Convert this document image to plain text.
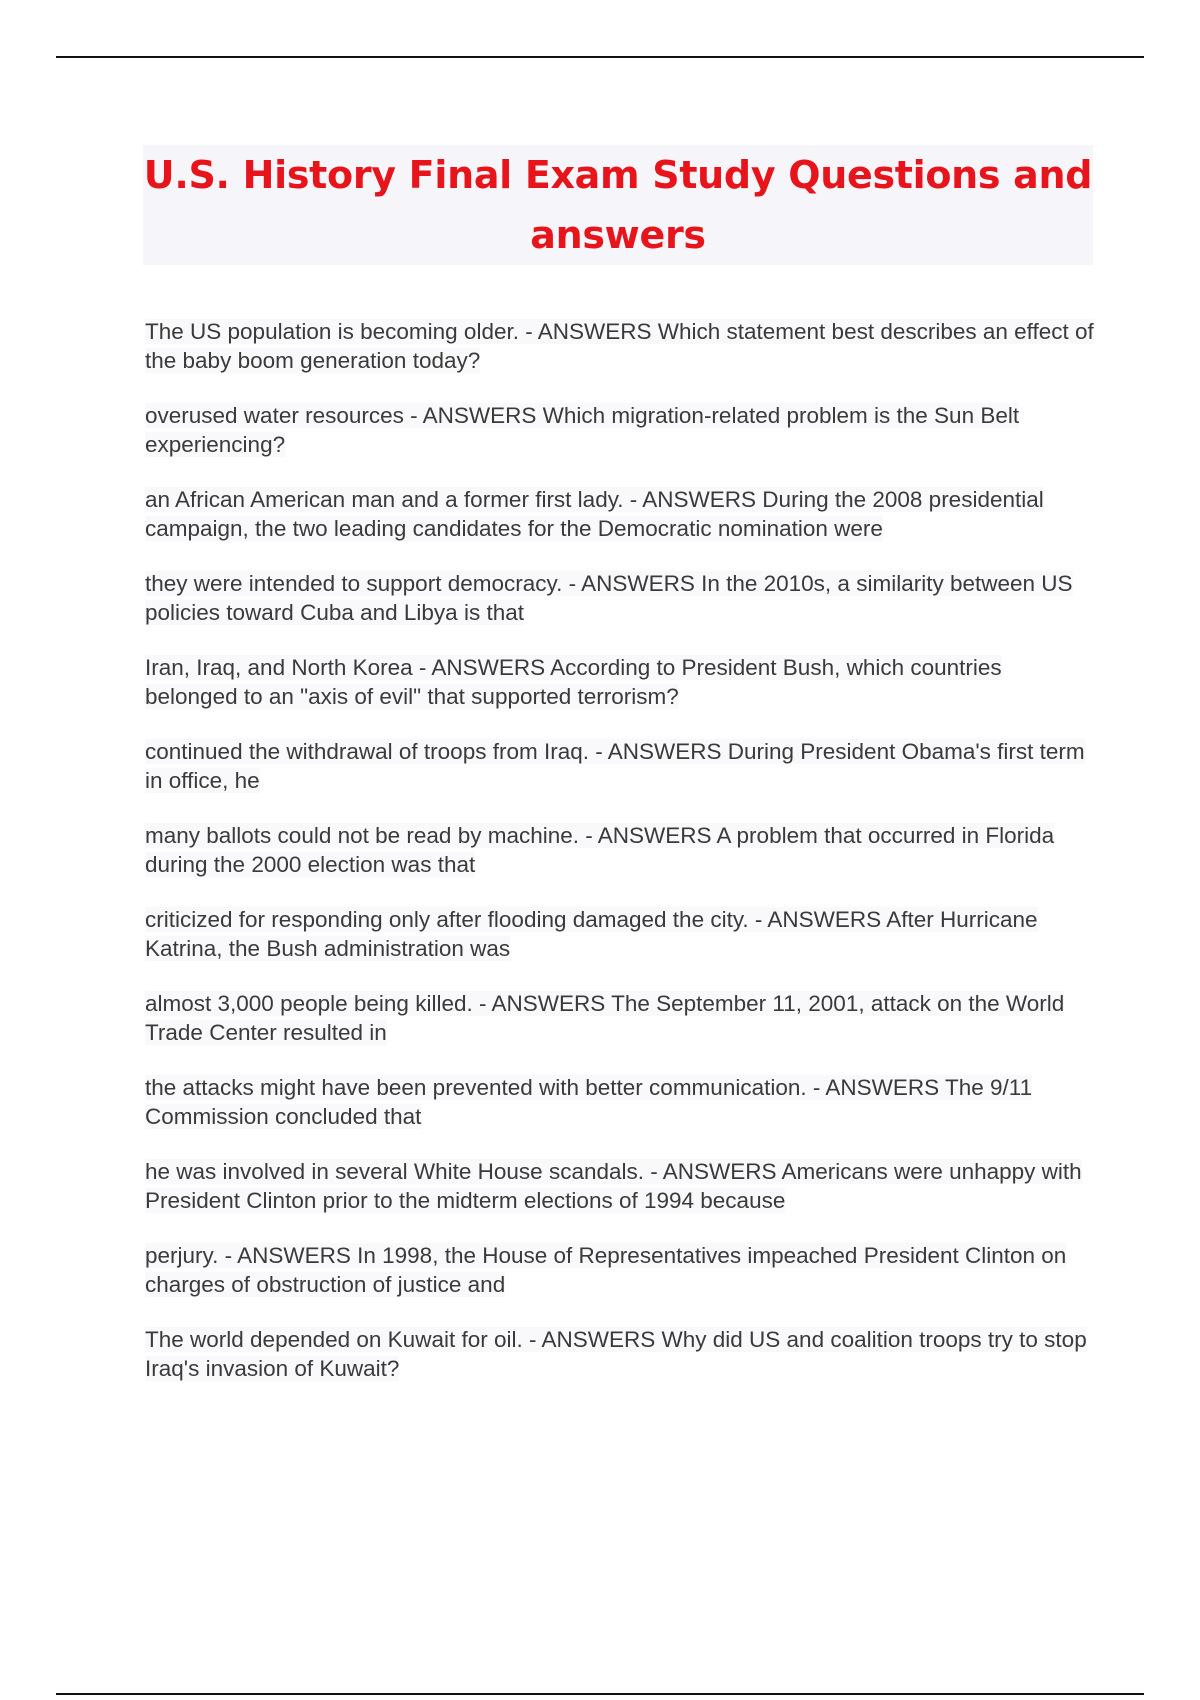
U.S. History Final Exam Study Questions and answers

The US population is becoming older. - ANSWERS Which statement best describes an effect of the baby boom generation today?

overused water resources - ANSWERS Which migration-related problem is the Sun Belt experiencing?

an African American man and a former first lady. - ANSWERS During the 2008 presidential campaign, the two leading candidates for the Democratic nomination were

they were intended to support democracy. - ANSWERS In the 2010s, a similarity between US policies toward Cuba and Libya is that

Iran, Iraq, and North Korea - ANSWERS According to President Bush, which countries belonged to an "axis of evil" that supported terrorism?

continued the withdrawal of troops from Iraq. - ANSWERS During President Obama's first term in office, he

many ballots could not be read by machine. - ANSWERS A problem that occurred in Florida during the 2000 election was that

criticized for responding only after flooding damaged the city. - ANSWERS After Hurricane Katrina, the Bush administration was

almost 3,000 people being killed. - ANSWERS The September 11, 2001, attack on the World Trade Center resulted in

the attacks might have been prevented with better communication. - ANSWERS The 9/11 Commission concluded that

he was involved in several White House scandals. - ANSWERS Americans were unhappy with President Clinton prior to the midterm elections of 1994 because

perjury. - ANSWERS In 1998, the House of Representatives impeached President Clinton on charges of obstruction of justice and

The world depended on Kuwait for oil. - ANSWERS Why did US and coalition troops try to stop Iraq's invasion of Kuwait?
